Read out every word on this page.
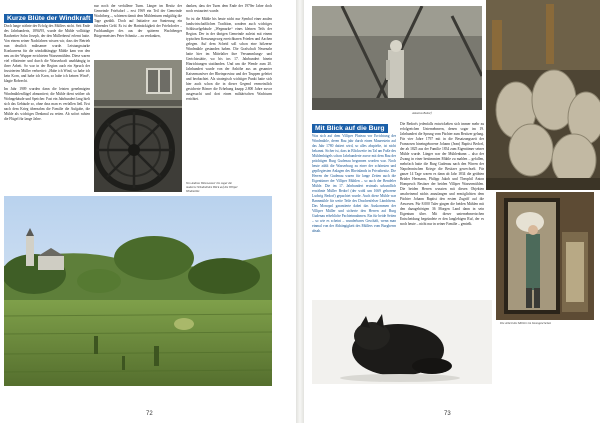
Kurze Blüte der Windkraft

Doch lange währte der Erfolg des Müllers nicht. Seit Ende des Jahrhunderts, 1894/95, wurde die Mühle volltätige Rauhreiter Sohn Joseph, der den Müllerberuf erlernt hatte. Von einem seiner Nachfahren wissen wir, dass der Betrieb nun deutlich mühsamer wurde. Leistungsstarke Konkurrenz für die windabhängige Mühle kam von den neu an der Wupper errichteten Wassermühlen. Diese waren viel effizienter und durch die Wasserkraft unabhängig in ihrer Arbeit. So war in der Region auch ein Spruch der frustrierten Müller verbreitet: „Habe ich Wind, so habe ich kein Korn, und habe ich Korn, so habe ich keinen Wind“, klagte Robrecht.

Im Jahr 1909 wurden dann die letzten genehmigten Windmühlenflügel abmontiert; die Mühle dient seither als Wohngebäude und Speicher. Fast ein Jahrhundert lang hielt sich das Gebäude so, ohne dass man es verfallen ließ. Erst nach dem Krieg übernahm die Familie die Aufgabe, die Mühle als wichtiges Denkmal zu retten. Ab sofort ruhten die Flügel für lange Jahre.

nur noch der verfallene Turm. Länger im Besitz der Gemeinde Frielsdorf – erst 1969 ein Teil der Gemeinde Wachtberg –, schienen damit dem Mühlenturm endgültig die Tage gezählt. Doch auf Initiative zur Sanierung ein führendes Geld. Es ist der Hartnäckigkeit der Frielsdorfer – Fachkundiger des aus der späteren Wachtberger Bürgermeisters Peter Schmitz – zu verdanken,

Von Andrea Weisswasser bis sogar die moderne Windmühlen Blick auf die Villiper Windmühle

danken, dass der Turm dem Ende der 1970er Jahre doch noch restauriert wurde.

So ist die Mühle bis heute nicht nur Symbol einer analen landwirtschaftlichen Tradition, sondern auch wichtiges Schlüsselgebäude „Wegmarke“ eines kleinen Teils der Region. Der in der übrigen Gemeinde zuletzt mit einem typischen Kreuzungsweg erreichbaren Frieden und Aachen gelegen. Auf dem Scheid soll schon eine hölzerne Windmühle gestanden haben. Die Grafschaft Neuenahr hatte hier im Mittelalter ihre Versammlungs- und Gerichtsstätte, wo bis ins 17. Jahrhundert hinein Hinrichtungen stattfanden. Und um die Wende zum 20. Jahrhundert wurde von der Anhöhe aus an gesamter Kaisermanöver der Rheinprovinz und der Truppen geleitet und beobachtet. Als strategisch wichtiger Punkt hatte sich hier auch schon die in dieser Gegend vermeintlich gesicherte Römer die Erhebung knapp 2.800 Jahre zuvor ausgesucht und dort einen militärischen Wachturm errichtet.

72
Antonius Bedorf
Mit Blick auf die Burg

Was sich auf dem Villiper Plateau vor Errichtung der Windmühle, deren Bau jahr durch einen Mauerstein auf das Jahr 1780 datiert wird, so alles abspielte, ist nicht bekannt. Sicher ist, dass in Blickweite im Tal am Fuße des Mühlenhügels schon Jahrhunderte zuvor mit dem Bau der prächtigen Burg Gudenau begonnen worden war. Noch heute zählt die Wasserburg zu einer der schönsten und gepflegtesten Anlagen des Rheinlands in Privatbesitz. Die Herren der Gudenau waren für lange Zeiten auch die Eigentümer der Villiper Mühlen – so auch der Bendeler Mühle. Die im 17. Jahrhundert erstmals urkundlich erwähnte Müller Bedorf (der wohl um 1669 geborene Ludwig Bedorf) gepachtet wurde. Auch diese Mühle war Bannmühle für weite Teile des Drachenfelser Ländchens. Das Monopol garantierte dabei das Auskommen der Villiper Müller und sicherte den Herren auf Burg Gudenau erhebliche Pachteinnahmen. Ein für beide Seiten – so wie es scheint – wunderbares Geschäft, wenn man einmal von der Abhängigkeit des Müllers vom Burgherrn absah.

Die Bedorfs jedenfalls entwickelten sich immer mehr zu erfolgreichen Unternehmern, denen sogar im 19. Jahrhundert die Sprung vom Pächter zum Besitzer gelang. Für vier Jahre 1797 mit in die Besatzungszeit der Franzosen hineingeborene Johann (Jean) Baptist Bedorf, der ab 1825 aus der Familie 1834 zum Eigentümer seiner Mühle wurde. Länger war der Mühlenbann – also der Zwang in einer bestimmten Mühle zu mahlen – gefallen, mehrfach hatte die Burg Gudenau nach den Wirren der Napoleonischen Kriege die Besitzer gewechselt. Für ganze 14 Tage waren es dann ab Jahr 1834 die geübten Brüder Hermann, Philipp Jakob und Theophil Anton Hompesch Besitzer der beiden Villiper Wassermühlen. Die beiden Herren wussten mit diesen Objekten anscheinend nichts anzufangen und ermöglichten dem Pächter Johann Baptist den ersten Zugriff auf die Anwesen. Für 8.000 Taler gingen die beiden Mühlen mit den dazugehörigen 36 Morgen Land dann in sein Eigentum über. Mit dieser unternehmerischen Entscheidung begründete er den langlebigen Ruf, der es noch heute – nicht nur in seiner Familie – genießt.

Die Arbeit des Müllers im Innengeschehen
73
